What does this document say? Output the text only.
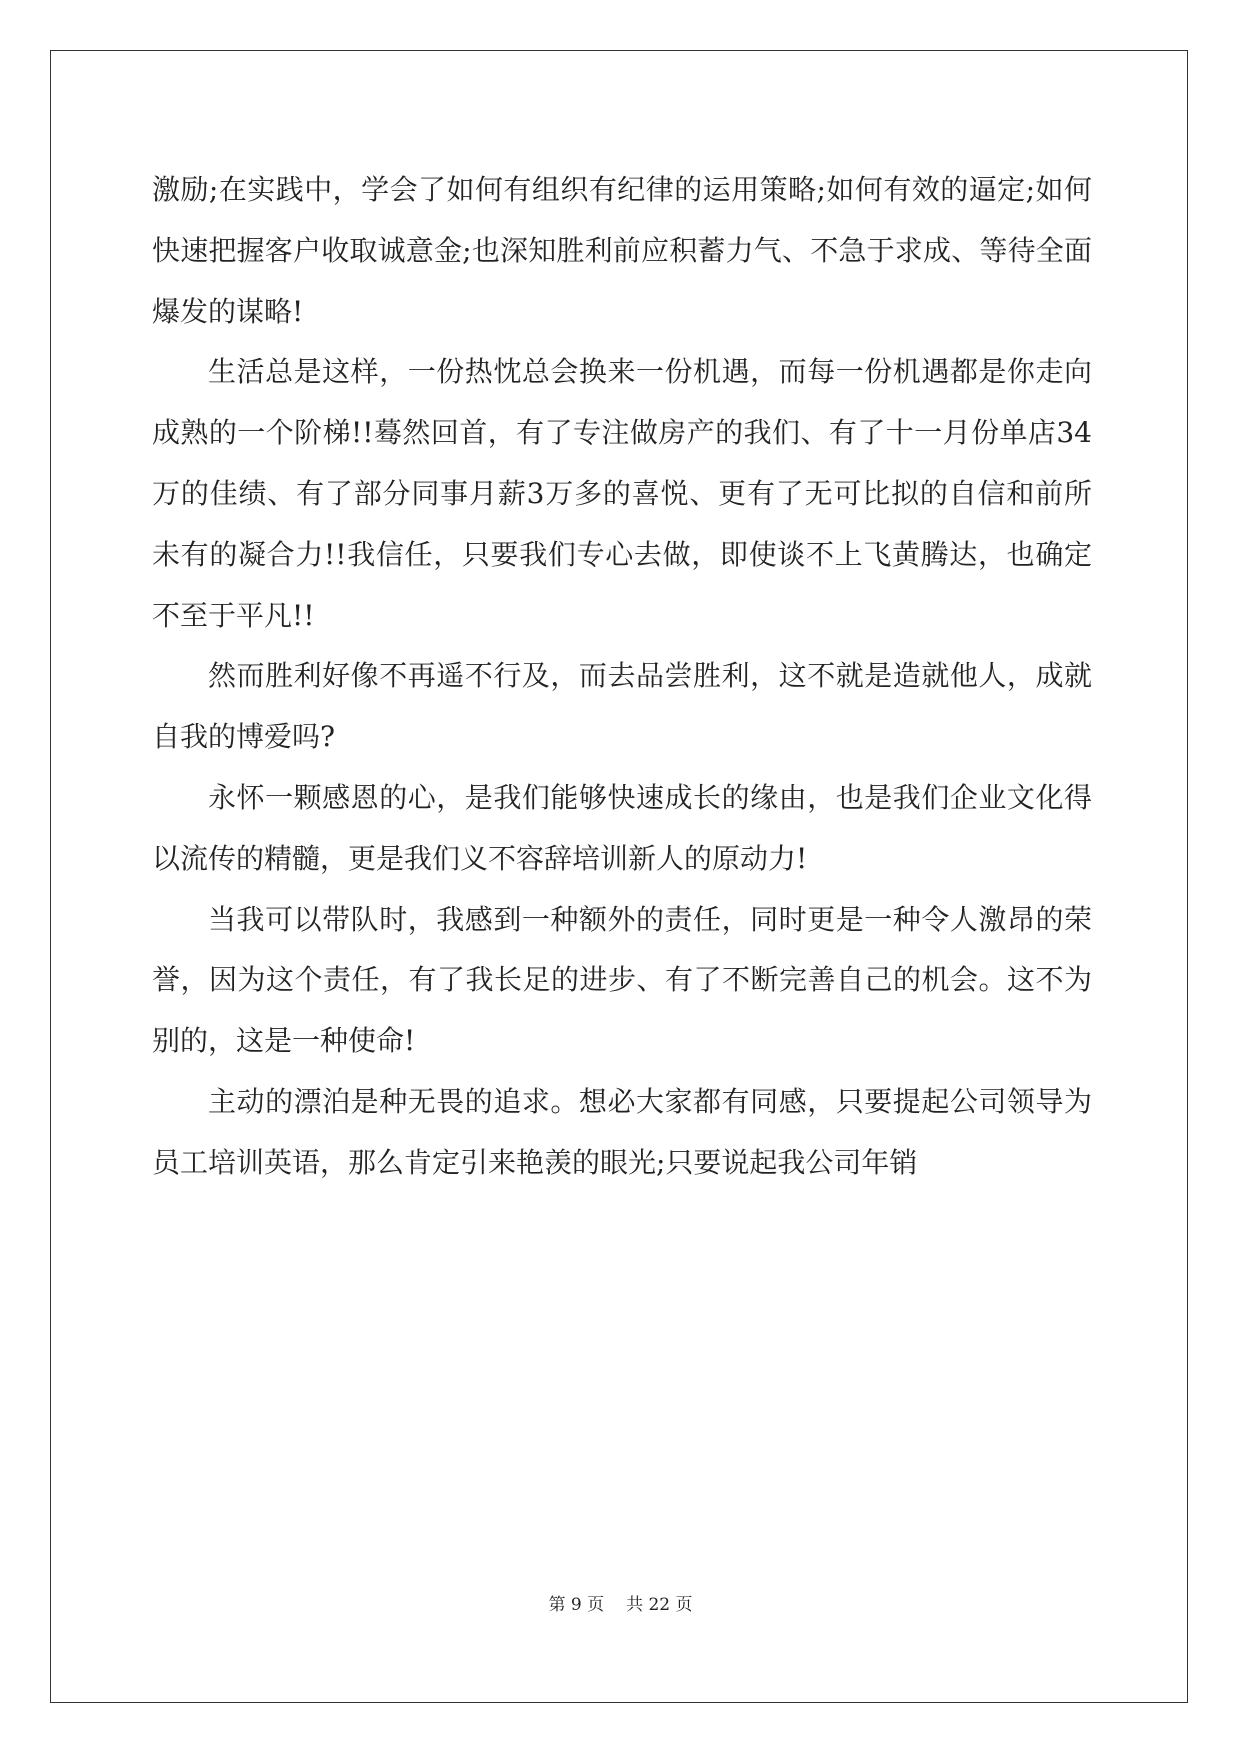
激励;在实践中，学会了如何有组织有纪律的运用策略;如何有效的逼定;如何快速把握客户收取诚意金;也深知胜利前应积蓄力气、不急于求成、等待全面爆发的谋略!

生活总是这样，一份热忱总会换来一份机遇，而每一份机遇都是你走向成熟的一个阶梯!!蓦然回首，有了专注做房产的我们、有了十一月份单店34万的佳绩、有了部分同事月薪3万多的喜悦、更有了无可比拟的自信和前所未有的凝合力!!我信任，只要我们专心去做，即使谈不上飞黄腾达，也确定不至于平凡!!

然而胜利好像不再遥不行及，而去品尝胜利，这不就是造就他人，成就自我的博爱吗?

永怀一颗感恩的心，是我们能够快速成长的缘由，也是我们企业文化得以流传的精髓，更是我们义不容辞培训新人的原动力!

当我可以带队时，我感到一种额外的责任，同时更是一种令人激昂的荣誉，因为这个责任，有了我长足的进步、有了不断完善自己的机会。这不为别的，这是一种使命!

主动的漂泊是种无畏的追求。想必大家都有同感，只要提起公司领导为员工培训英语，那么肯定引来艳羡的眼光;只要说起我公司年销

第 9 页 共 22 页
